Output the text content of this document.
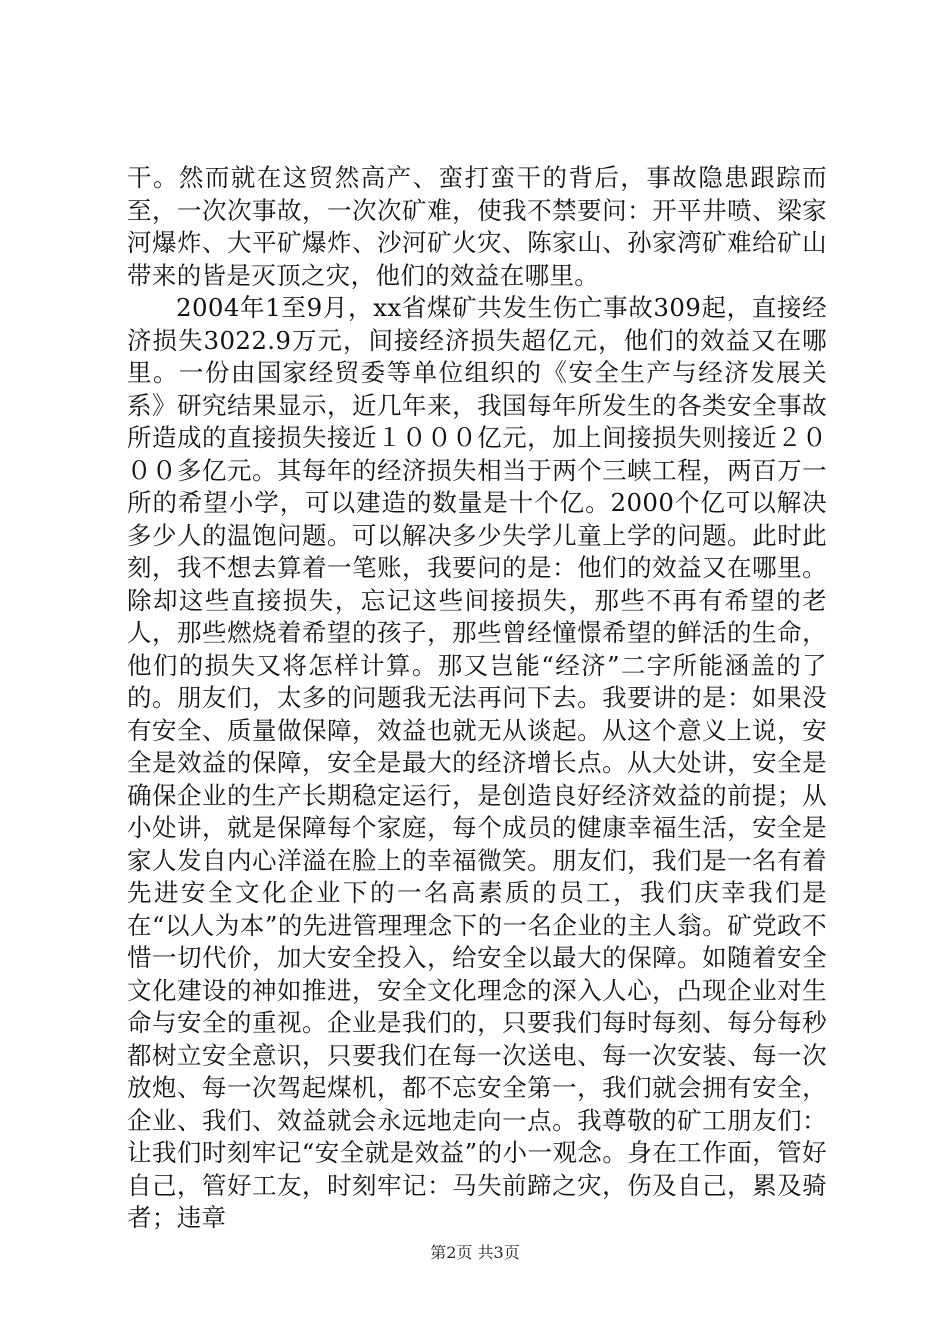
干。然而就在这贸然高产、蛮打蛮干的背后，事故隐患跟踪而至，一次次事故，一次次矿难，使我不禁要问：开平井喷、梁家河爆炸、大平矿爆炸、沙河矿火灾、陈家山、孙家湾矿难给矿山带来的皆是灭顶之灾，他们的效益在哪里。

2004年1至9月，xx省煤矿共发生伤亡事故309起，直接经济损失3022.9万元，间接经济损失超亿元，他们的效益又在哪里。一份由国家经贸委等单位组织的《安全生产与经济发展关系》研究结果显示，近几年来，我国每年所发生的各类安全事故所造成的直接损失接近１０００亿元，加上间接损失则接近２０００多亿元。其每年的经济损失相当于两个三峡工程，两百万一所的希望小学，可以建造的数量是十个亿。2000个亿可以解决多少人的温饱问题。可以解决多少失学儿童上学的问题。此时此刻，我不想去算着一笔账，我要问的是：他们的效益又在哪里。除却这些直接损失，忘记这些间接损失，那些不再有希望的老人，那些燃烧着希望的孩子，那些曾经憧憬希望的鲜活的生命，他们的损失又将怎样计算。那又岂能“经济”二字所能涵盖的了的。朋友们，太多的问题我无法再问下去。我要讲的是：如果没有安全、质量做保障，效益也就无从谈起。从这个意义上说，安全是效益的保障，安全是最大的经济增长点。从大处讲，安全是确保企业的生产长期稳定运行，是创造良好经济效益的前提；从小处讲，就是保障每个家庭，每个成员的健康幸福生活，安全是家人发自内心洋溢在脸上的幸福微笑。朋友们，我们是一名有着先进安全文化企业下的一名高素质的员工，我们庆幸我们是在“以人为本”的先进管理理念下的一名企业的主人翁。矿党政不惜一切代价，加大安全投入，给安全以最大的保障。如随着安全文化建设的神如推进，安全文化理念的深入人心，凸现企业对生命与安全的重视。企业是我们的，只要我们每时每刻、每分每秒都树立安全意识，只要我们在每一次送电、每一次安装、每一次放炮、每一次驾起煤机，都不忘安全第一，我们就会拥有安全，企业、我们、效益就会永远地走向一点。我尊敬的矿工朋友们：让我们时刻牢记“安全就是效益”的小一观念。身在工作面，管好自己，管好工友，时刻牢记：马失前蹄之灾，伤及自己，累及骑者；违章

第2页 共3页
